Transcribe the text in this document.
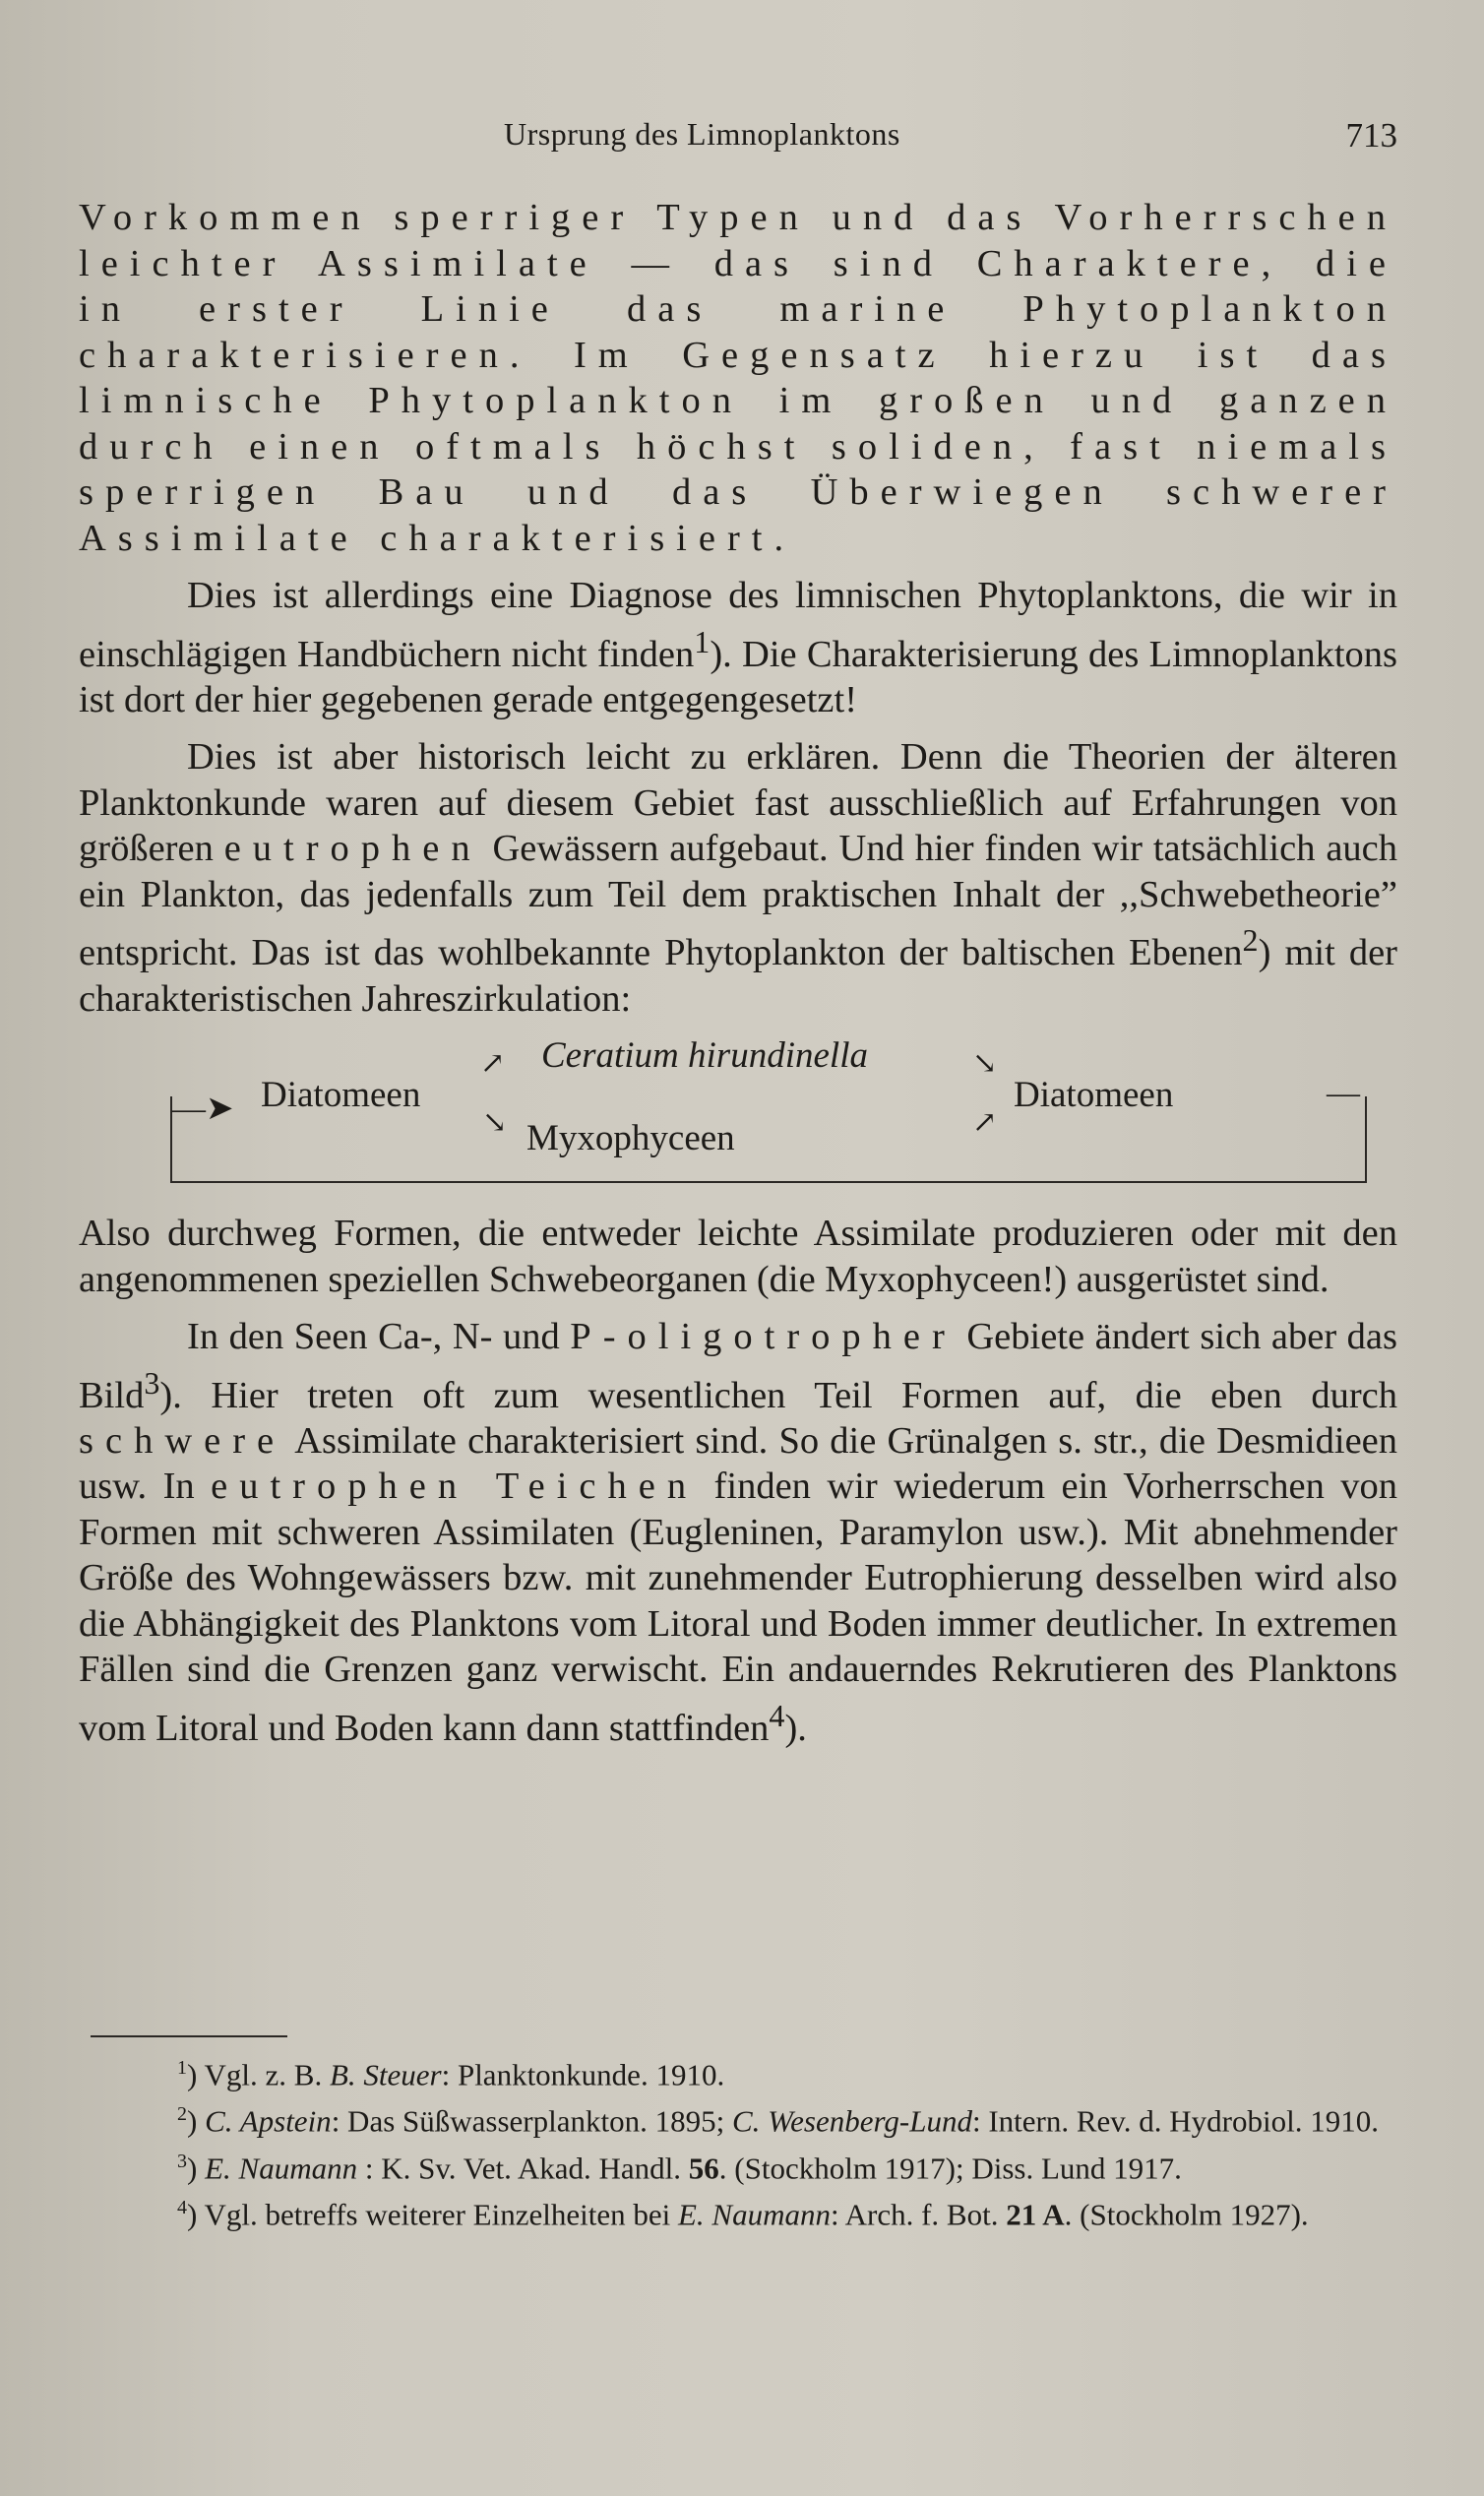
Ursprung des Limnoplanktons	713

Vorkommen sperriger Typen und das Vorherrschen leichter Assimilate — das sind Charaktere, die in erster Linie das marine Phytoplankton charakterisieren. Im Gegensatz hierzu ist das limnische Phytoplankton im großen und ganzen durch einen oftmals höchst soliden, fast niemals sperrigen Bau und das Überwiegen schwerer Assimilate charakterisiert.

Dies ist allerdings eine Diagnose des limnischen Phytoplanktons, die wir in einschlägigen Handbüchern nicht finden$^1$). Die Charakterisierung des Limnoplanktons ist dort der hier gegebenen gerade entgegengesetzt!

Dies ist aber historisch leicht zu erklären. Denn die Theorien der älteren Planktonkunde waren auf diesem Gebiet fast ausschließlich auf Erfahrungen von größeren eutrophen Gewässern aufgebaut. Und hier finden wir tatsächlich auch ein Plankton, das jedenfalls zum Teil dem praktischen Inhalt der ,,Schwebetheorie” entspricht. Das ist das wohlbekannte Phytoplankton der baltischen Ebenen$^2$) mit der charakteristischen Jahreszirkulation:

—➤ Diatomeen
↗
↘
Ceratium hirundinella
Myxophyceen
↘
↗
Diatomeen	—

Also durchweg Formen, die entweder leichte Assimilate produzieren oder mit den angenommenen speziellen Schwebeorganen (die Myxophyceen!) ausgerüstet sind.

In den Seen Ca-, N- und P-oligotropher Gebiete ändert sich aber das Bild$^3$). Hier treten oft zum wesentlichen Teil Formen auf, die eben durch schwere Assimilate charakterisiert sind. So die Grünalgen s. str., die Desmidieen usw. In eutrophen Teichen finden wir wiederum ein Vorherrschen von Formen mit schweren Assimilaten (Eugleninen, Paramylon usw.). Mit abnehmender Größe des Wohngewässers bzw. mit zunehmender Eutrophierung desselben wird also die Abhängigkeit des Planktons vom Litoral und Boden immer deutlicher. In extremen Fällen sind die Grenzen ganz verwischt. Ein andauerndes Rekrutieren des Planktons vom Litoral und Boden kann dann stattfinden$^4$).

$^1$) Vgl. z. B. B. Steuer: Planktonkunde. 1910.

$^2$) C. Apstein: Das Süßwasserplankton. 1895; C. Wesenberg-Lund: Intern. Rev. d. Hydrobiol. 1910.

$^3$) E. Naumann : K. Sv. Vet. Akad. Handl. 56. (Stockholm 1917); Diss. Lund 1917.

$^4$) Vgl. betreffs weiterer Einzelheiten bei E. Naumann: Arch. f. Bot. 21 A. (Stockholm 1927).
